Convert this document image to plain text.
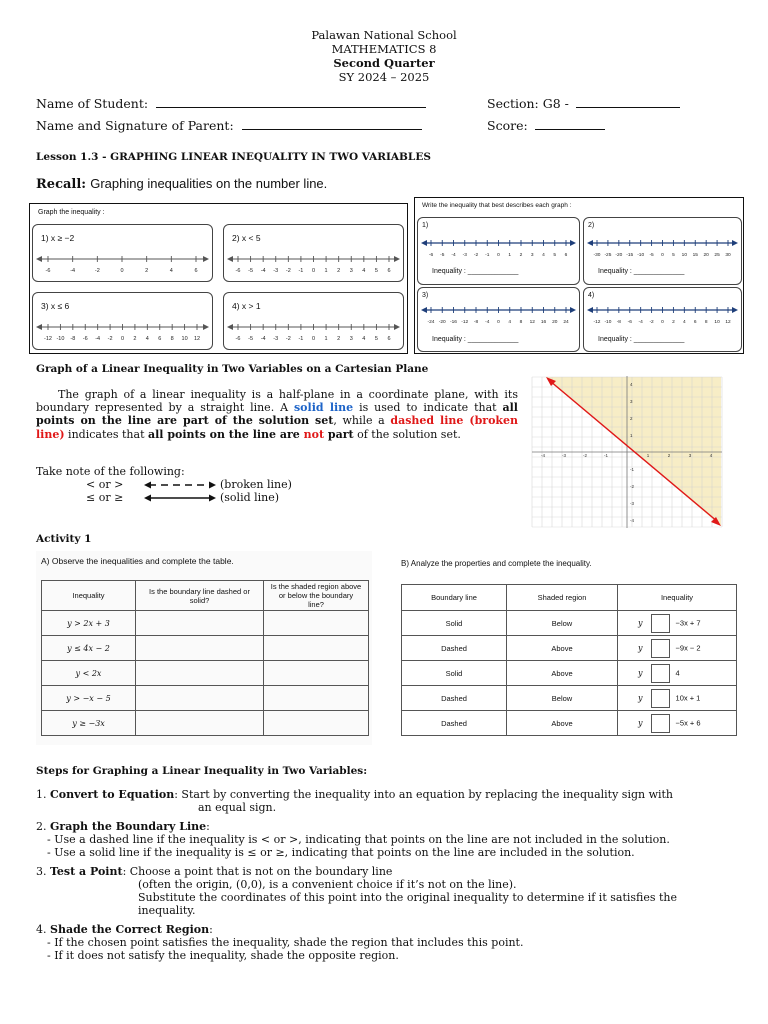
Palawan National School
MATHEMATICS 8
Second Quarter
SY 2024 – 2025
Name of Student:	Section: G8 -
Name and Signature of Parent:	Score:
Lesson 1.3 - GRAPHING LINEAR INEQUALITY IN TWO VARIABLES
Recall: Graphing inequalities on the number line.
Graph the inequality :
1) x ≥ −2
-6	-4	-2	0	2	4	6
2) x < 5
-6 -5 -4 -3 -2 -1 0 1 2 3 4 5 6
3) x ≤ 6
-12 -10 -8 -6 -4 -2 0 2 4 6 8 10 12
4) x > 1
-6 -5 -4 -3 -2 -1 0 1 2 3 4 5 6
Write the inequality that best describes each graph :
1)
-6 -5 -4 -3 -2 -1 0 1 2 3 4 5 6
Inequality : _____________
2)
-30 -25 -20 -15 -10 -5 0 5 10 15 20 25 30
Inequality : _____________
3)
-24 -20 -16 -12 -8 -4 0 4 8 12 16 20 24
Inequality : _____________
4)
-12 -10 -8 -6 -4 -2 0 2 4 6 8 10 12
Inequality : _____________
Graph of a Linear Inequality in Two Variables on a Cartesian Plane
The graph of a linear inequality is a half-plane in a coordinate plane, with its boundary represented by a straight line. A solid line is used to indicate that all points on the line are part of the solution set, while a dashed line (broken line) indicates that all points on the line are not part of the solution set.
Take note of the following:
< or >	(broken line)
≤ or ≥	(solid line)
-4	-3	-2	-1	1	2	3	4
4
3
2
1
-1
-2
-3
-4
Activity 1
A) Observe the inequalities and complete the table.
Inequality	Is the boundary line dashed or solid?	Is the shaded region above or below the boundary line?
y > 2x + 3		
y ≤ 4x − 2		
y < 2x		
y > −x − 5		
y ≥ −3x		
B) Analyze the properties and complete the inequality.
Boundary line	Shaded region	Inequality
Solid	Below	y −3x + 7
Dashed	Above	y −9x − 2
Solid	Above	y 4
Dashed	Below	y 10x + 1
Dashed	Above	y −5x + 6
Steps for Graphing a Linear Inequality in Two Variables:
1. Convert to Equation: Start by converting the inequality into an equation by replacing the inequality sign with
an equal sign.
2. Graph the Boundary Line:
- Use a dashed line if the inequality is < or >, indicating that points on the line are not included in the solution.
- Use a solid line if the inequality is ≤ or ≥, indicating that points on the line are included in the solution.
3. Test a Point: Choose a point that is not on the boundary line
(often the origin, (0,0), is a convenient choice if it’s not on the line).
Substitute the coordinates of this point into the original inequality to determine if it satisfies the
inequality.
4. Shade the Correct Region:
- If the chosen point satisfies the inequality, shade the region that includes this point.
- If it does not satisfy the inequality, shade the opposite region.
